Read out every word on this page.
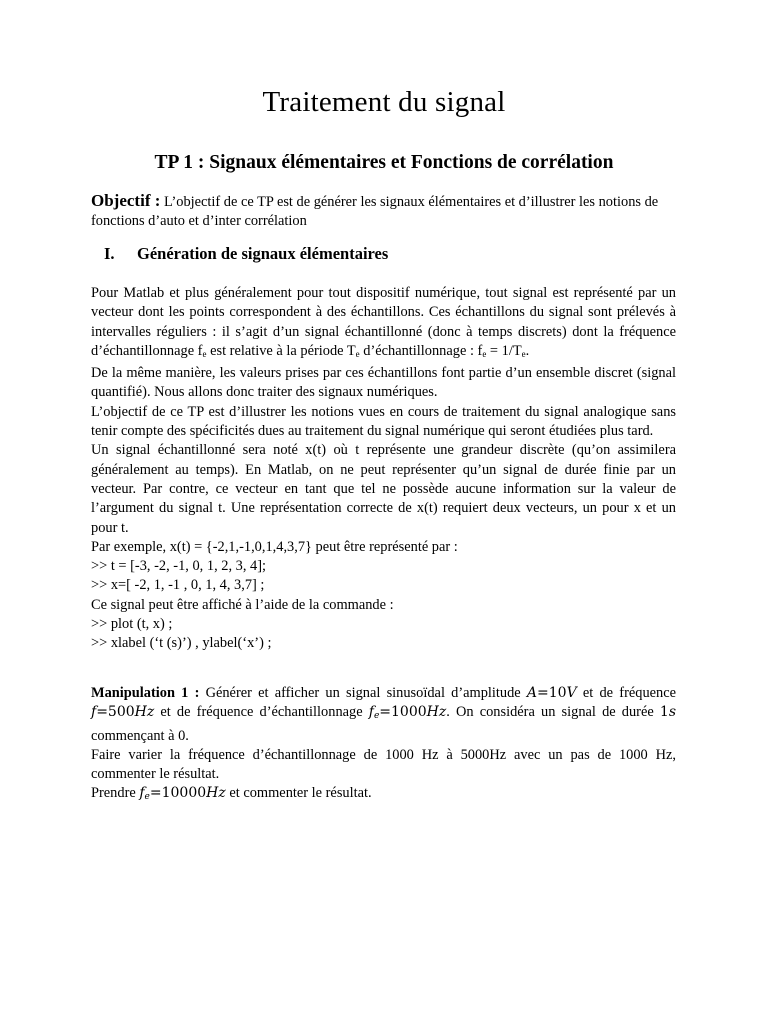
Traitement du signal
TP 1 : Signaux élémentaires et Fonctions de corrélation

Objectif : L’objectif de ce TP est de générer les signaux élémentaires et d’illustrer les notions de fonctions d’auto et d’inter corrélation

I.	Génération de signaux élémentaires

Pour Matlab et plus généralement pour tout dispositif numérique, tout signal est représenté par un vecteur dont les points correspondent à des échantillons. Ces échantillons du signal sont prélevés à intervalles réguliers : il s’agit d’un signal échantillonné (donc à temps discrets) dont la fréquence d’échantillonnage $f_e$ est relative à la période $T_e$ d’échantillonnage : $f_e = 1/T_e$.

De la même manière, les valeurs prises par ces échantillons font partie d’un ensemble discret (signal quantifié). Nous allons donc traiter des signaux numériques.

L’objectif de ce TP est d’illustrer les notions vues en cours de traitement du signal analogique sans tenir compte des spécificités dues au traitement du signal numérique qui seront étudiées plus tard.

Un signal échantillonné sera noté x(t) où t représente une grandeur discrète (qu’on assimilera généralement au temps). En Matlab, on ne peut représenter qu’un signal de durée finie par un vecteur. Par contre, ce vecteur en tant que tel ne possède aucune information sur la valeur de l’argument du signal t. Une représentation correcte de x(t) requiert deux vecteurs, un pour x et un pour t.

Par exemple, x(t) = {-2,1,-1,0,1,4,3,7} peut être représenté par :
>> t = [-3, -2, -1, 0, 1, 2, 3, 4];
>> x=[ -2, 1, -1 , 0, 1, 4, 3,7] ;
Ce signal peut être affiché à l’aide de la commande :
>> plot (t, x) ;
>> xlabel (‘t (s)’) , ylabel(‘x’) ;

Manipulation 1 : Générer et afficher un signal sinusoïdal d’amplitude A=10V et de fréquence f=500Hz et de fréquence d’échantillonnage $f_e=1000Hz$. On considéra un signal de durée 1s commençant à 0.

Faire varier la fréquence d’échantillonnage de 1000 Hz à 5000Hz avec un pas de 1000 Hz, commenter le résultat.

Prendre $f_e=10000Hz$ et commenter le résultat.
